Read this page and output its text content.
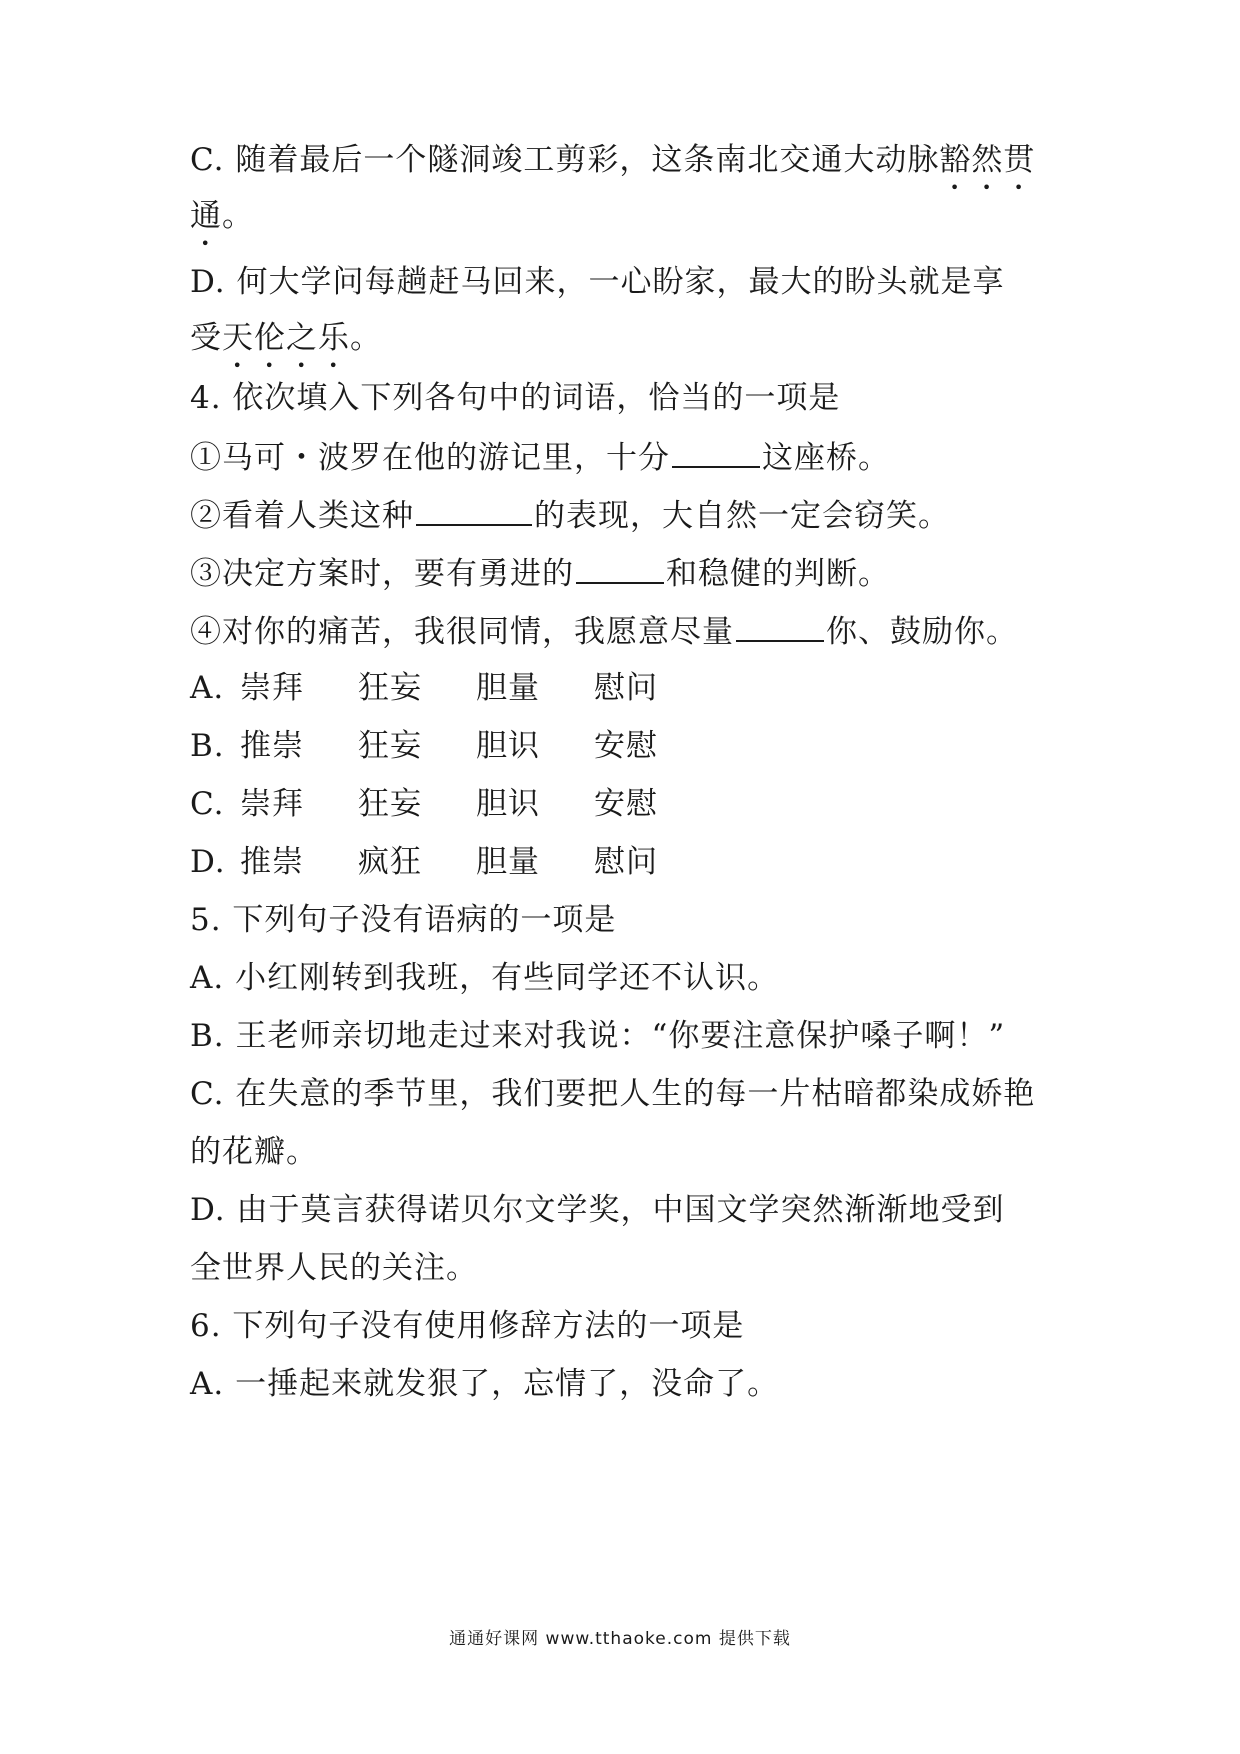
C. 随着最后一个隧洞竣工剪彩，这条南北交通大动脉豁然贯
通。
D. 何大学问每趟赶马回来，一心盼家，最大的盼头就是享
受天伦之乐。
4. 依次填入下列各句中的词语，恰当的一项是
①马可・波罗在他的游记里，十分	这座桥。
②看着人类这种	的表现，大自然一定会窃笑。
③决定方案时，要有勇进的	和稳健的判断。
④对你的痛苦，我很同情，我愿意尽量	你、鼓励你。
A. 崇拜 狂妄 胆量 慰问
B. 推崇 狂妄 胆识 安慰
C. 崇拜 狂妄 胆识 安慰
D. 推崇 疯狂 胆量 慰问
5. 下列句子没有语病的一项是
A. 小红刚转到我班，有些同学还不认识。
B. 王老师亲切地走过来对我说：“你要注意保护嗓子啊！”
C. 在失意的季节里，我们要把人生的每一片枯暗都染成娇艳
的花瓣。
D. 由于莫言获得诺贝尔文学奖，中国文学突然渐渐地受到
全世界人民的关注。
6. 下列句子没有使用修辞方法的一项是
A. 一捶起来就发狠了，忘情了，没命了。
通通好课网 www.tthaoke.com 提供下载
